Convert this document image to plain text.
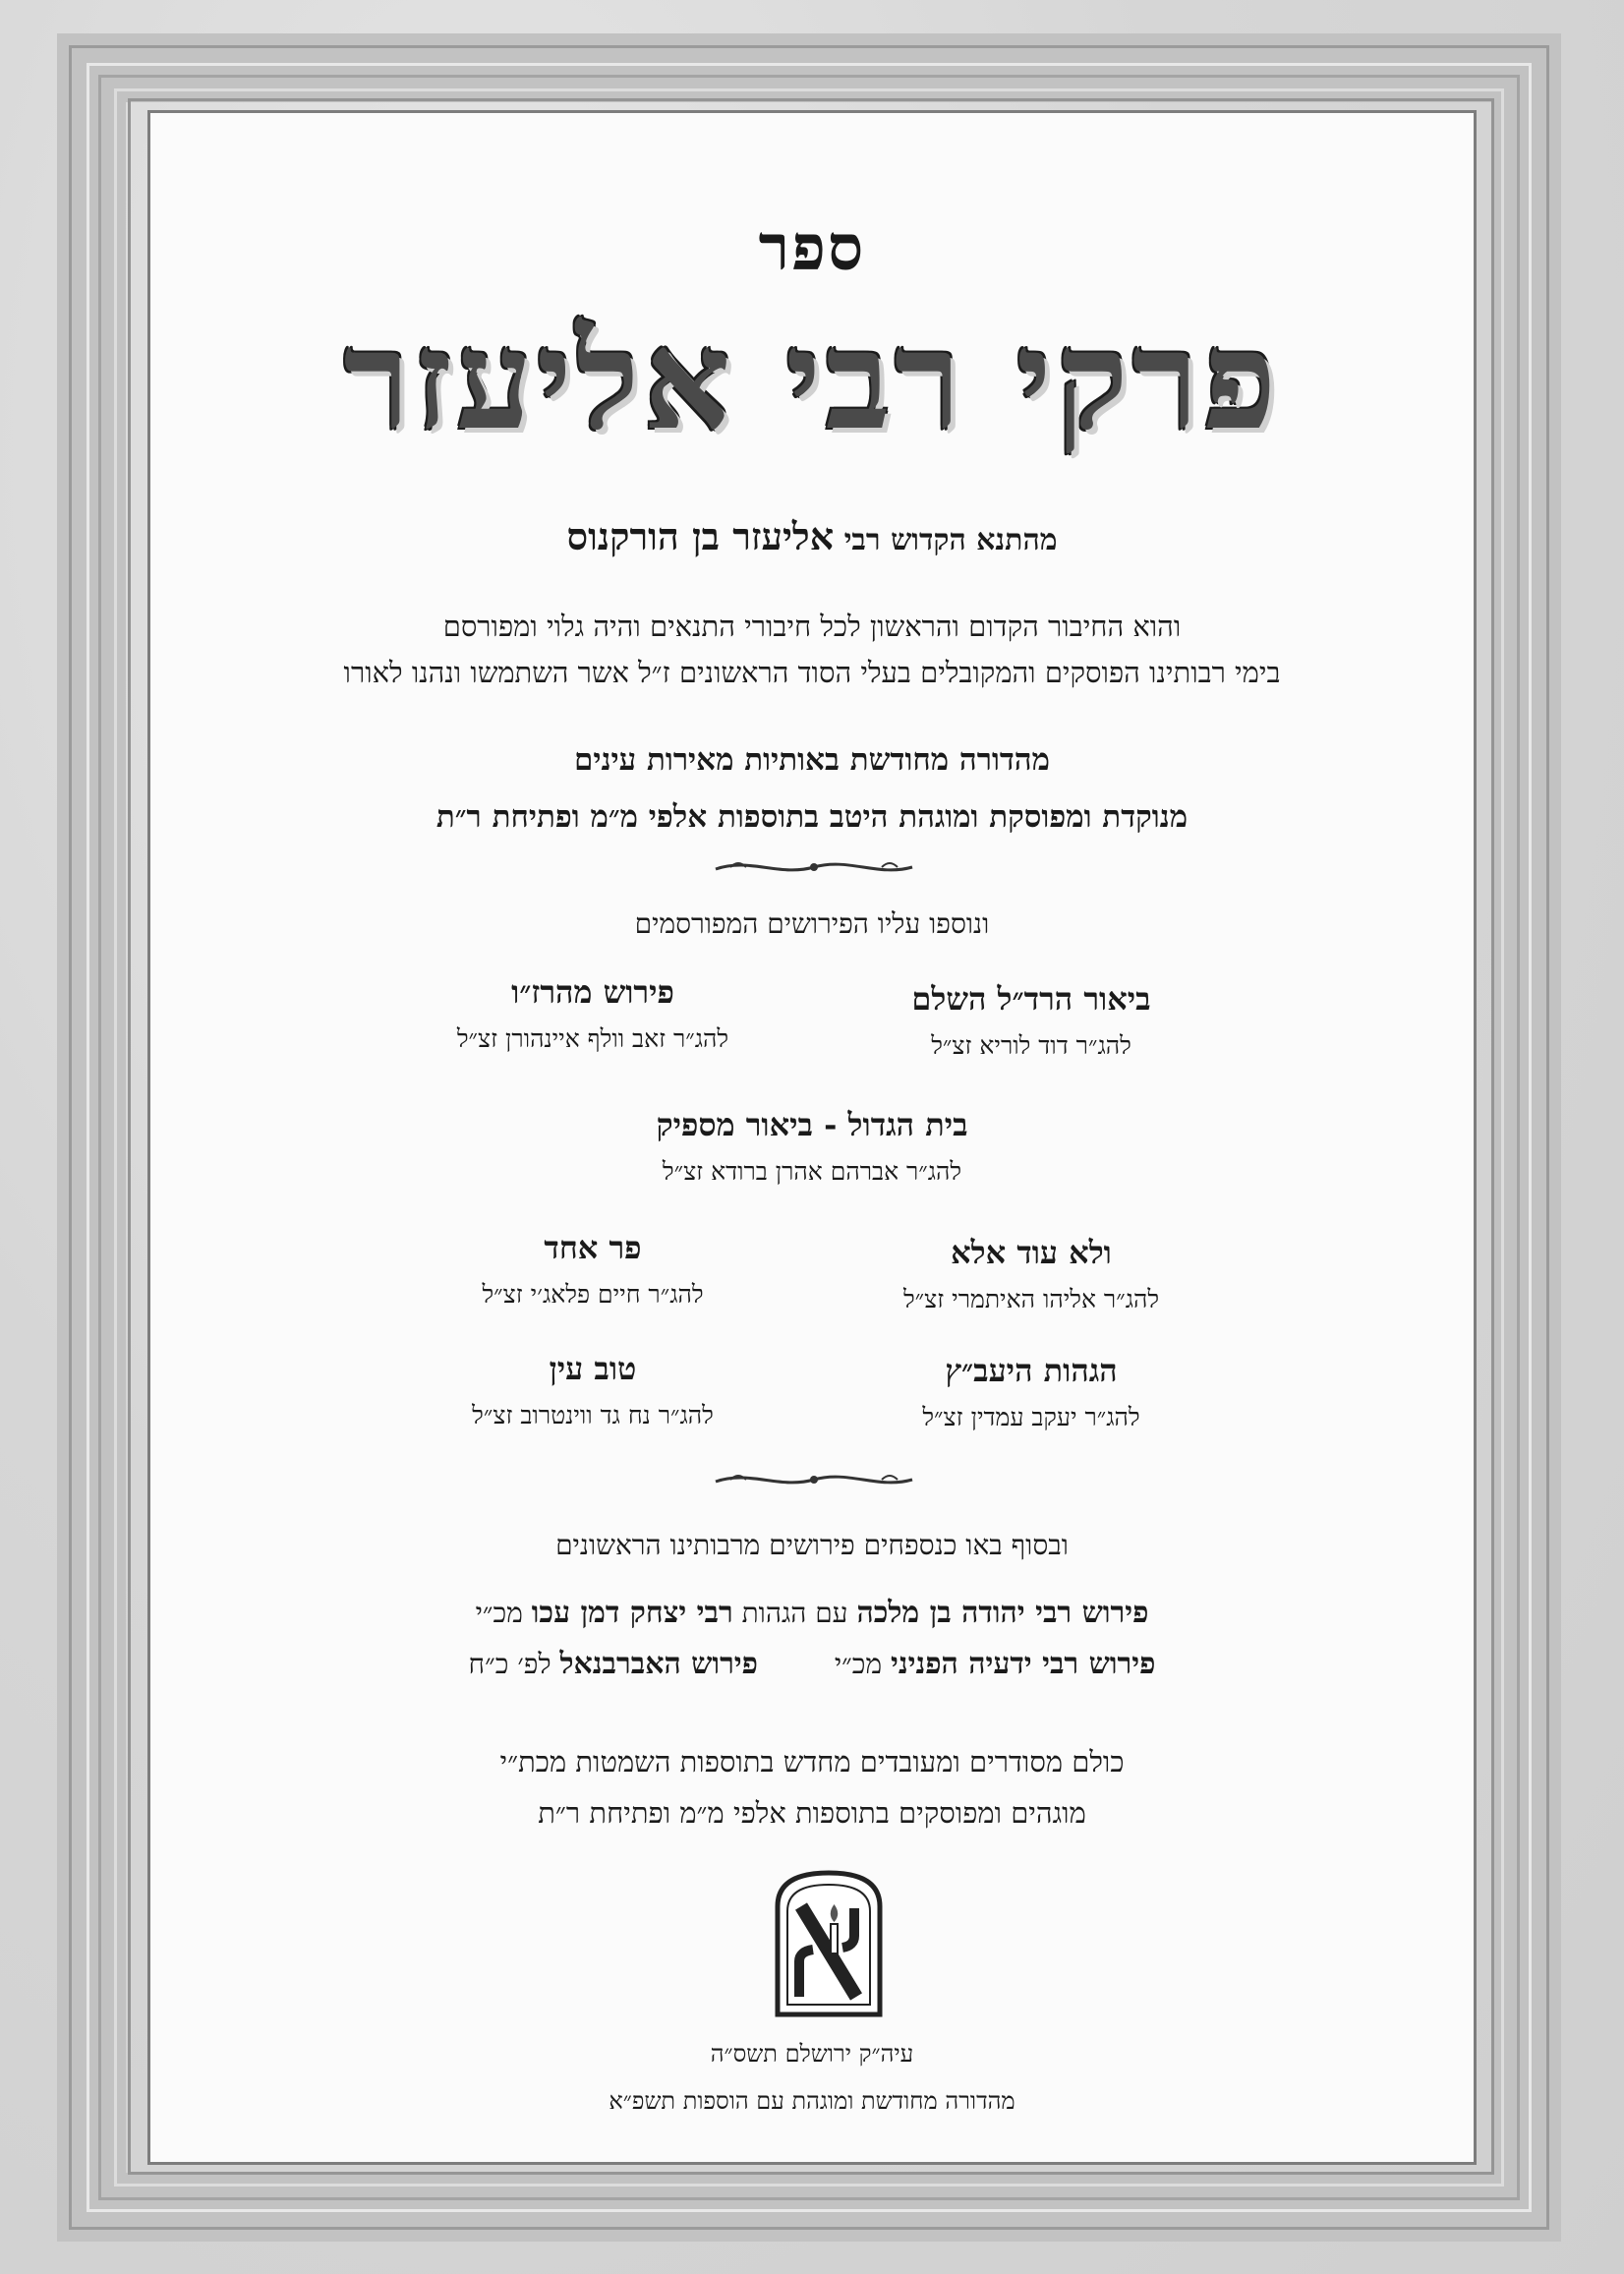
ספר
פרקי רבי אליעזר
מהתנא הקדוש רבי אליעזר בן הורקנוס
והוא החיבור הקדום והראשון לכל חיבורי התנאים והיה גלוי ומפורסם
בימי רבותינו הפוסקים והמקובלים בעלי הסוד הראשונים ז״ל אשר השתמשו ונהנו לאורו
מהדורה מחודשת באותיות מאירות עינים
מנוקדת ומפוסקת ומוגהת היטב בתוספות אלפי מ״מ ופתיחת ר״ת
ונוספו עליו הפירושים המפורסמים
ביאור הרד״ל השלם
להג״ר דוד לוריא זצ״ל
פירוש מהרז״ו
להג״ר זאב וולף איינהורן זצ״ל
בית הגדול - ביאור מספיק
להג״ר אברהם אהרן ברודא זצ״ל
ולא עוד אלא
להג״ר אליהו האיתמרי זצ״ל
פר אחד
להג״ר חיים פלאג׳י זצ״ל
הגהות היעב״ץ
להג״ר יעקב עמדין זצ״ל
טוב עין
להג״ר נח גד ווינטרוב זצ״ל
ובסוף באו כנספחים פירושים מרבותינו הראשונים
פירוש רבי יהודה בן מלכה עם הגהות רבי יצחק דמן עכו מכ״י
פירוש רבי ידעיה הפניני מכ״י  פירוש האברבנאל לפ׳ כ״ח
כולם מסודרים ומעובדים מחדש בתוספות השמטות מכת״י
מוגהים ומפוסקים בתוספות אלפי מ״מ ופתיחת ר״ת
עיה״ק ירושלם תשס״ה
מהדורה מחודשת ומוגהת עם הוספות תשפ״א
